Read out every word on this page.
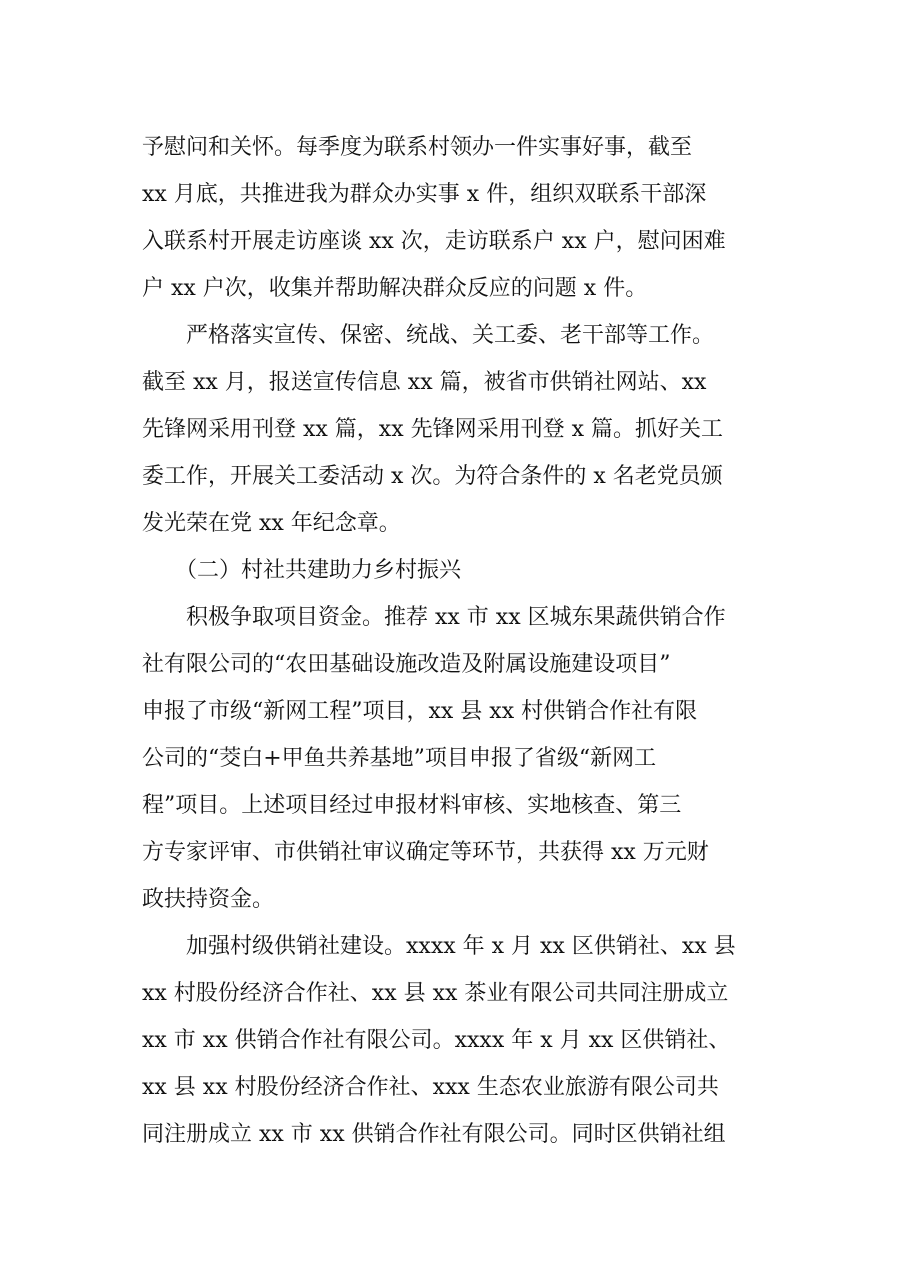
予慰问和关怀。每季度为联系村领办一件实事好事，截至
xx 月底，共推进我为群众办实事 x 件，组织双联系干部深
入联系村开展走访座谈 xx 次，走访联系户 xx 户，慰问困难
户 xx 户次，收集并帮助解决群众反应的问题 x 件。
严格落实宣传、保密、统战、关工委、老干部等工作。
截至 xx 月，报送宣传信息 xx 篇，被省市供销社网站、xx
先锋网采用刊登 xx 篇，xx 先锋网采用刊登 x 篇。抓好关工
委工作，开展关工委活动 x 次。为符合条件的 x 名老党员颁
发光荣在党 xx 年纪念章。
（二）村社共建助力乡村振兴
积极争取项目资金。推荐 xx 市 xx 区城东果蔬供销合作
社有限公司的“农田基础设施改造及附属设施建设项目”
申报了市级“新网工程”项目，xx 县 xx 村供销合作社有限
公司的“茭白+甲鱼共养基地”项目申报了省级“新网工
程”项目。上述项目经过申报材料审核、实地核查、第三
方专家评审、市供销社审议确定等环节，共获得 xx 万元财
政扶持资金。
加强村级供销社建设。xxxx 年 x 月 xx 区供销社、xx 县
xx 村股份经济合作社、xx 县 xx 茶业有限公司共同注册成立
xx 市 xx 供销合作社有限公司。xxxx 年 x 月 xx 区供销社、
xx 县 xx 村股份经济合作社、xxx 生态农业旅游有限公司共
同注册成立 xx 市 xx 供销合作社有限公司。同时区供销社组
